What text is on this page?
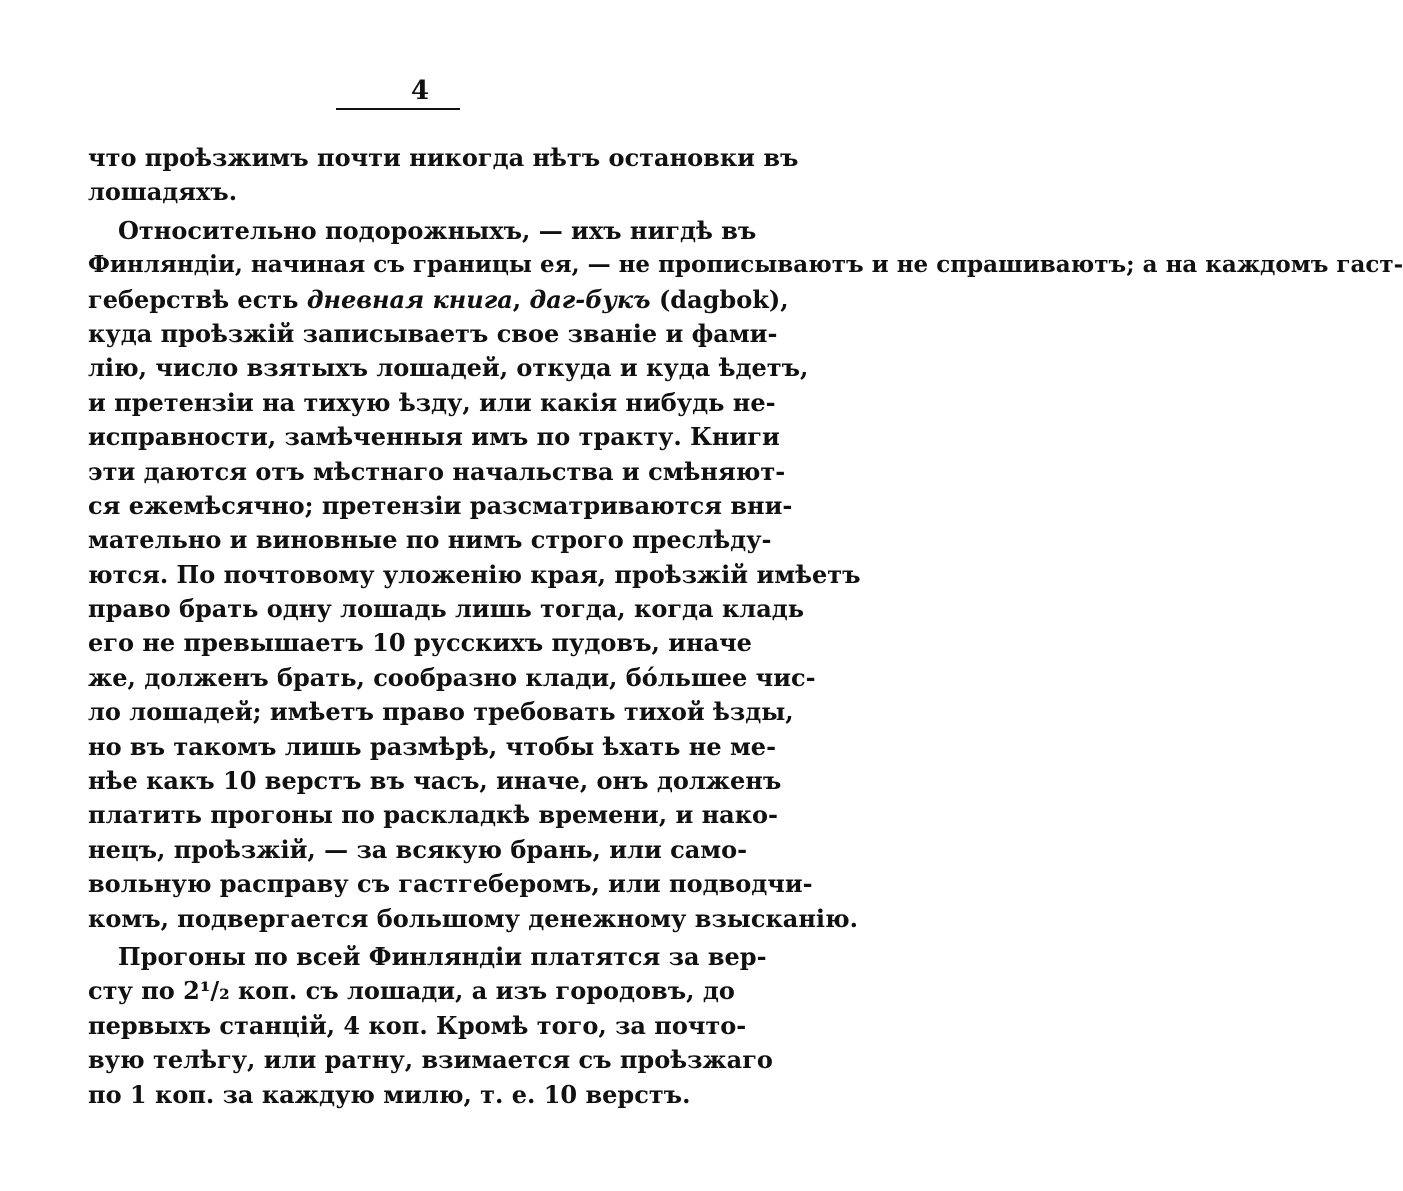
4
что проѣзжимъ почти никогда нѣтъ остановки въ
лошадяхъ.
Относительно подорожныхъ, — ихъ нигдѣ въ
Финляндіи, начиная съ границы ея, — не прописываютъ и не спрашиваютъ; а на каждомъ гаст-
геберствѣ есть дневная книга, даг-букъ (dagbok),
куда проѣзжій записываетъ свое званіе и фами-
лію, число взятыхъ лошадей, откуда и куда ѣдетъ,
и претензіи на тихую ѣзду, или какія нибудь не-
исправности, замѣченныя имъ по тракту. Книги
эти даются отъ мѣстнаго начальства и смѣняют-
ся ежемѣсячно; претензіи разсматриваются вни-
мательно и виновные по нимъ строго преслѣду-
ются. По почтовому уложенію края, проѣзжій имѣетъ
право брать одну лошадь лишь тогда, когда кладь
его не превышаетъ 10 русскихъ пудовъ, иначе
же, долженъ брать, сообразно клади, бóльшее чис-
ло лошадей; имѣетъ право требовать тихой ѣзды,
но въ такомъ лишь размѣрѣ, чтобы ѣхать не ме-
нѣе какъ 10 верстъ въ часъ, иначе, онъ долженъ
платить прогоны по раскладкѣ времени, и нако-
нецъ, проѣзжій, — за всякую брань, или само-
вольную расправу съ гастгеберомъ, или подводчи-
комъ, подвергается большому денежному взысканію.
Прогоны по всей Финляндіи платятся за вер-
сту по 2¹/₂ коп. съ лошади, а изъ городовъ, до
первыхъ станцій, 4 коп. Кромѣ того, за почто-
вую телѣгу, или ратну, взимается съ проѣзжаго
по 1 коп. за каждую милю, т. е. 10 верстъ.
